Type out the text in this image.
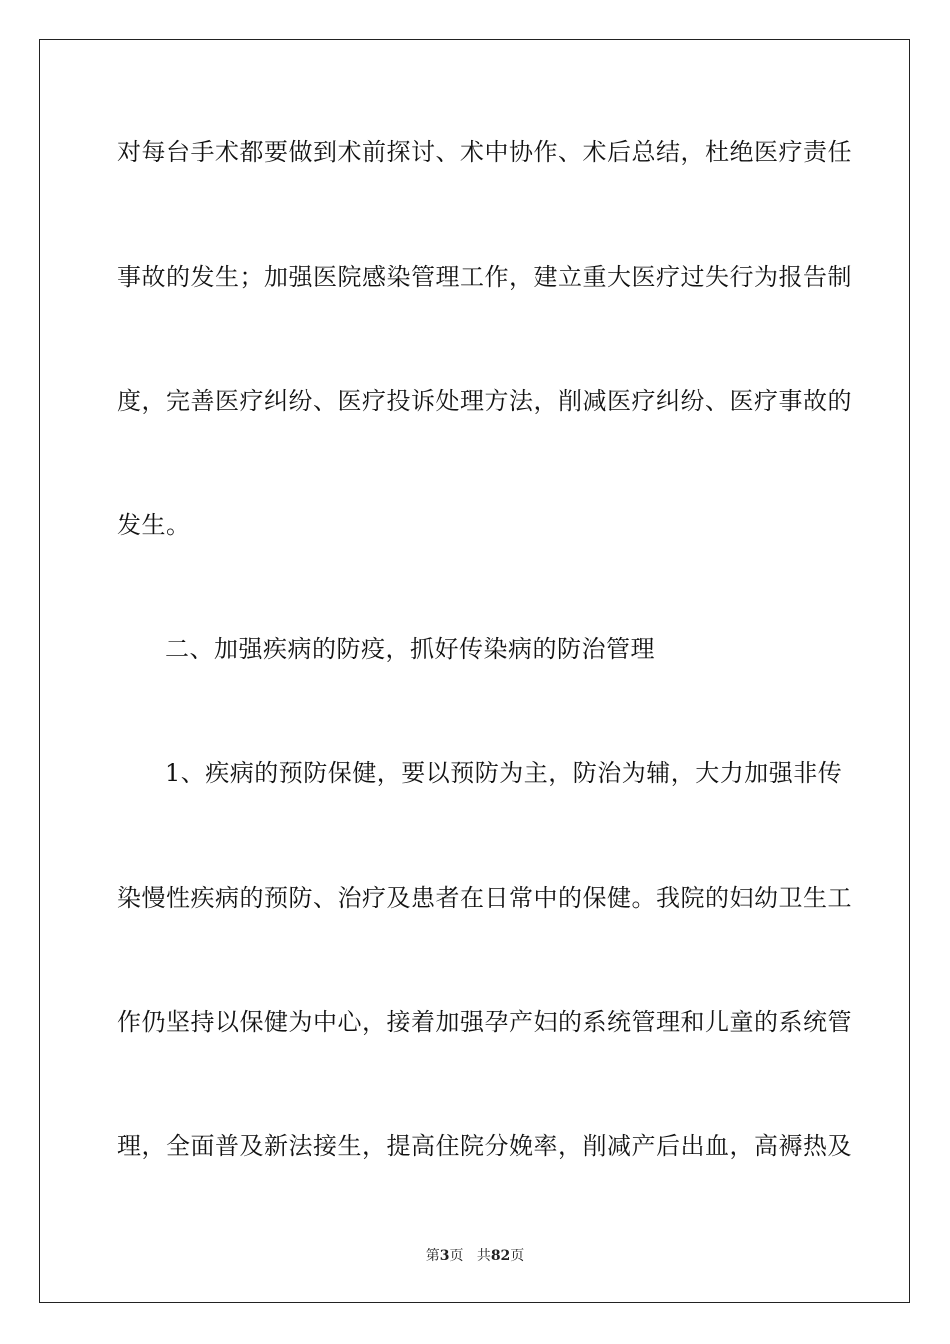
对每台手术都要做到术前探讨、术中协作、术后总结，杜绝医疗责任
事故的发生；加强医院感染管理工作，建立重大医疗过失行为报告制
度，完善医疗纠纷、医疗投诉处理方法，削减医疗纠纷、医疗事故的
发生。
二、加强疾病的防疫，抓好传染病的防治管理
1、疾病的预防保健，要以预防为主，防治为辅，大力加强非传
染慢性疾病的预防、治疗及患者在日常中的保健。我院的妇幼卫生工
作仍坚持以保健为中心，接着加强孕产妇的系统管理和儿童的系统管
理，全面普及新法接生，提高住院分娩率，削减产后出血，高褥热及
第3页 共82页
